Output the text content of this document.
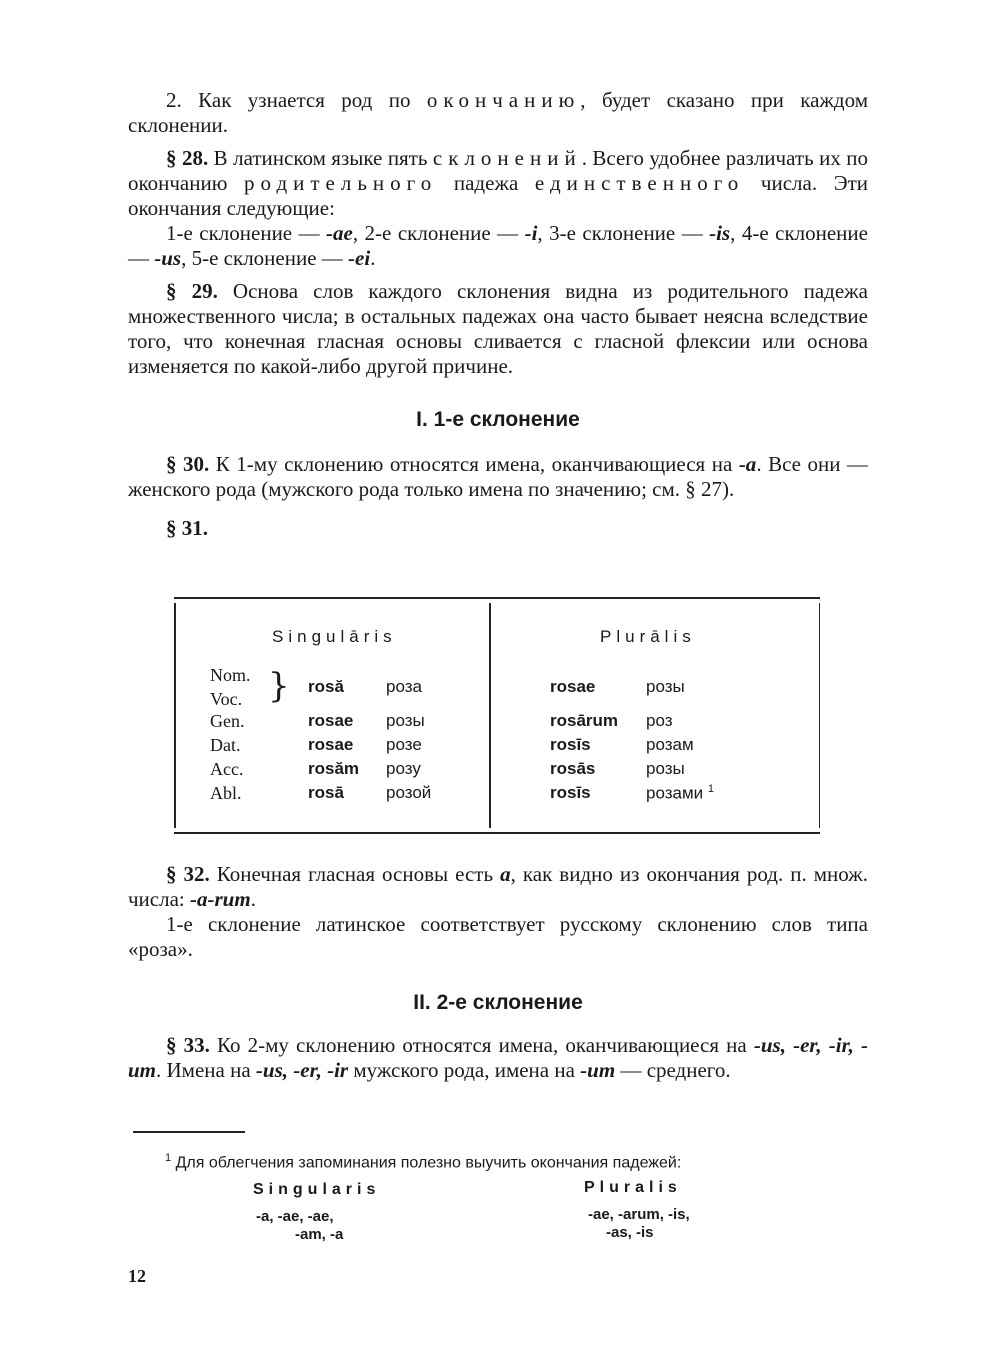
2. Как узнается род по окончанию, будет сказано при каждом склонении.

§ 28. В латинском языке пять склонений. Всего удобнее различать их по окончанию родительного падежа единственного числа. Эти окончания следующие:

1-е склонение — -ae, 2-е склонение — -i, 3-е склонение — -is, 4-е склонение — -us, 5-е склонение — -ei.

§ 29. Основа слов каждого склонения видна из родительного падежа множественного числа; в остальных падежах она часто бывает неясна вследствие того, что конечная гласная основы сливается с гласной флексии или основа изменяется по какой-либо другой причине.

I. 1-е склонение

§ 30. К 1-му склонению относятся имена, оканчивающиеся на -a. Все они — женского рода (мужского рода только имена по значению; см. § 27).

§ 31.

Singulāris	Plurālis
Nom.
Voc. } rosă роза	rosae	розы
Gen.	rosae розы	rosārum роз
Dat.	rosae розе	rosīs	розам
Acc.	rosăm розу	rosās	розы
Abl.	rosā розой	rosīs	розами $^1$

§ 32. Конечная гласная основы есть a, как видно из окончания род. п. множ. числа: -a-rum.

1-е склонение латинское соответствует русскому склонению слов типа «роза».

II. 2-е склонение

§ 33. Ко 2-му склонению относятся имена, оканчивающиеся на -us, -er, -ir, -um. Имена на -us, -er, -ir мужского рода, имена на -um — среднего.

$^1$ Для облегчения запоминания полезно выучить окончания падежей:
Singularis	Pluralis
-a, -ae, -ae,
-am, -a
-ae, -arum, -is,
-as, -is
12
